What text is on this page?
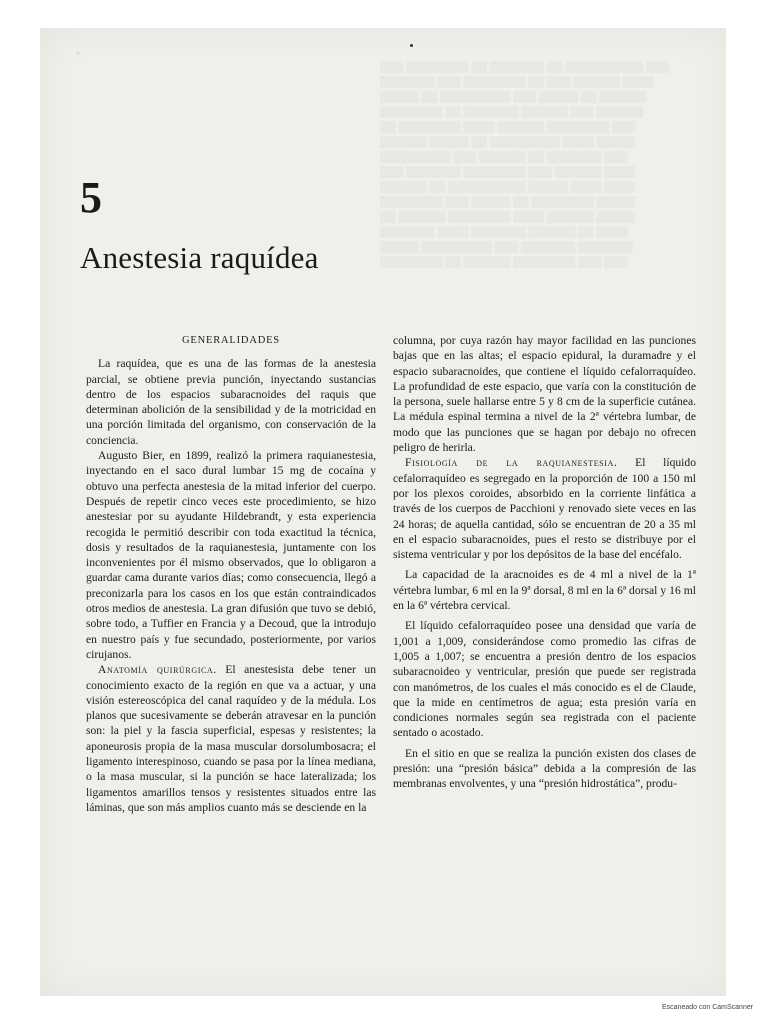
▒▒▒ ▒▒▒▒▒▒▒▒ ▒▒ ▒▒▒▒▒▒▒ ▒▒ ▒▒▒▒▒▒▒▒▒▒ ▒▒▒
▒▒▒▒▒▒▒ ▒▒▒ ▒▒▒▒▒▒▒▒ ▒▒ ▒▒▒ ▒▒▒▒▒▒ ▒▒▒▒
▒▒▒▒▒ ▒▒ ▒▒▒▒▒▒▒▒▒ ▒▒▒ ▒▒▒▒▒ ▒▒ ▒▒▒▒▒▒
▒▒▒▒▒▒▒▒ ▒▒ ▒▒▒▒▒▒▒ ▒▒▒▒▒▒ ▒▒▒ ▒▒▒▒▒▒
▒▒ ▒▒▒▒▒▒▒▒ ▒▒▒▒ ▒▒▒▒▒▒ ▒▒▒▒▒▒▒▒ ▒▒▒
▒▒▒▒▒▒ ▒▒▒▒▒ ▒▒ ▒▒▒▒▒▒▒▒▒ ▒▒▒▒ ▒▒▒▒▒
▒▒▒▒▒▒▒▒▒ ▒▒▒ ▒▒▒▒▒▒ ▒▒ ▒▒▒▒▒▒▒ ▒▒▒
▒▒▒ ▒▒▒▒▒▒▒ ▒▒▒▒▒▒▒▒ ▒▒▒ ▒▒▒▒▒▒ ▒▒▒▒
▒▒▒▒▒▒ ▒▒ ▒▒▒▒▒▒▒▒▒▒ ▒▒▒▒▒ ▒▒▒▒ ▒▒▒▒
▒▒▒▒▒▒▒▒ ▒▒▒ ▒▒▒▒▒ ▒▒ ▒▒▒▒▒▒▒▒ ▒▒▒▒▒
▒▒ ▒▒▒▒▒▒ ▒▒▒▒▒▒▒▒ ▒▒▒▒ ▒▒▒▒▒▒ ▒▒▒▒▒
▒▒▒▒▒▒▒ ▒▒▒▒ ▒▒▒▒▒▒▒ ▒▒▒▒▒▒ ▒▒ ▒▒▒▒
▒▒▒▒▒ ▒▒▒▒▒▒▒▒▒ ▒▒▒ ▒▒▒▒▒▒▒ ▒▒▒▒▒▒▒
▒▒▒▒▒▒▒▒ ▒▒ ▒▒▒▒▒▒ ▒▒▒▒▒▒▒▒ ▒▒▒ ▒▒▒
◦
5
Anestesia raquídea
GENERALIDADES

La raquídea, que es una de las formas de la anestesia parcial, se obtiene previa punción, inyectando sustancias dentro de los espacios subaracnoides del raquis que determinan abolición de la sensibilidad y de la motricidad en una porción limitada del organismo, con conservación de la conciencia.

Augusto Bier, en 1899, realizó la primera raquianestesia, inyectando en el saco dural lumbar 15 mg de cocaína y obtuvo una perfecta anestesia de la mitad inferior del cuerpo. Después de repetir cinco veces este procedimiento, se hizo anestesiar por su ayudante Hildebrandt, y esta experiencia recogida le permitió describir con toda exactitud la técnica, dosis y resultados de la raquianestesia, juntamente con los inconvenientes por él mismo observados, que lo obligaron a guardar cama durante varios días; como consecuencia, llegó a preconizarla para los casos en los que están contraindicados otros medios de anestesia. La gran difusión que tuvo se debió, sobre todo, a Tuffier en Francia y a Decoud, que la introdujo en nuestro país y fue secundado, posteriormente, por varios cirujanos.

Anatomía quirúrgica. El anestesista debe tener un conocimiento exacto de la región en que va a actuar, y una visión estereoscópica del canal raquídeo y de la médula. Los planos que sucesivamente se deberán atravesar en la punción son: la piel y la fascia superficial, espesas y resistentes; la aponeurosis propia de la masa muscular dorsolumbosacra; el ligamento interespinoso, cuando se pasa por la línea mediana, o la masa muscular, si la punción se hace lateralizada; los ligamentos amarillos tensos y resistentes situados entre las láminas, que son más amplios cuanto más se desciende en la

columna, por cuya razón hay mayor facilidad en las punciones bajas que en las altas; el espacio epidural, la duramadre y el espacio subaracnoides, que contiene el líquido cefalorraquídeo. La profundidad de este espacio, que varía con la constitución de la persona, suele hallarse entre 5 y 8 cm de la superficie cutánea. La médula espinal termina a nivel de la 2ª vértebra lumbar, de modo que las punciones que se hagan por debajo no ofrecen peligro de herirla.

Fisiología de la raquianestesia. El líquido cefalorraquídeo es segregado en la proporción de 100 a 150 ml por los plexos coroides, absorbido en la corriente linfática a través de los cuerpos de Pacchioni y renovado siete veces en las 24 horas; de aquella cantidad, sólo se encuentran de 20 a 35 ml en el espacio subaracnoides, pues el resto se distribuye por el sistema ventricular y por los depósitos de la base del encéfalo.

La capacidad de la aracnoides es de 4 ml a nivel de la 1ª vértebra lumbar, 6 ml en la 9ª dorsal, 8 ml en la 6ª dorsal y 16 ml en la 6ª vértebra cervical.

El líquido cefalorraquídeo posee una densidad que varía de 1,001 a 1,009, considerándose como promedio las cifras de 1,005 a 1,007; se encuentra a presión dentro de los espacios subaracnoideo y ventricular, presión que puede ser registrada con manómetros, de los cuales el más conocido es el de Claude, que la mide en centímetros de agua; esta presión varía en condiciones normales según sea registrada con el paciente sentado o acostado.

En el sitio en que se realiza la punción existen dos clases de presión: una “presión básica” debida a la compresión de las membranas envolventes, y una “presión hidrostática”, produ-

Escaneado con CamScanner
